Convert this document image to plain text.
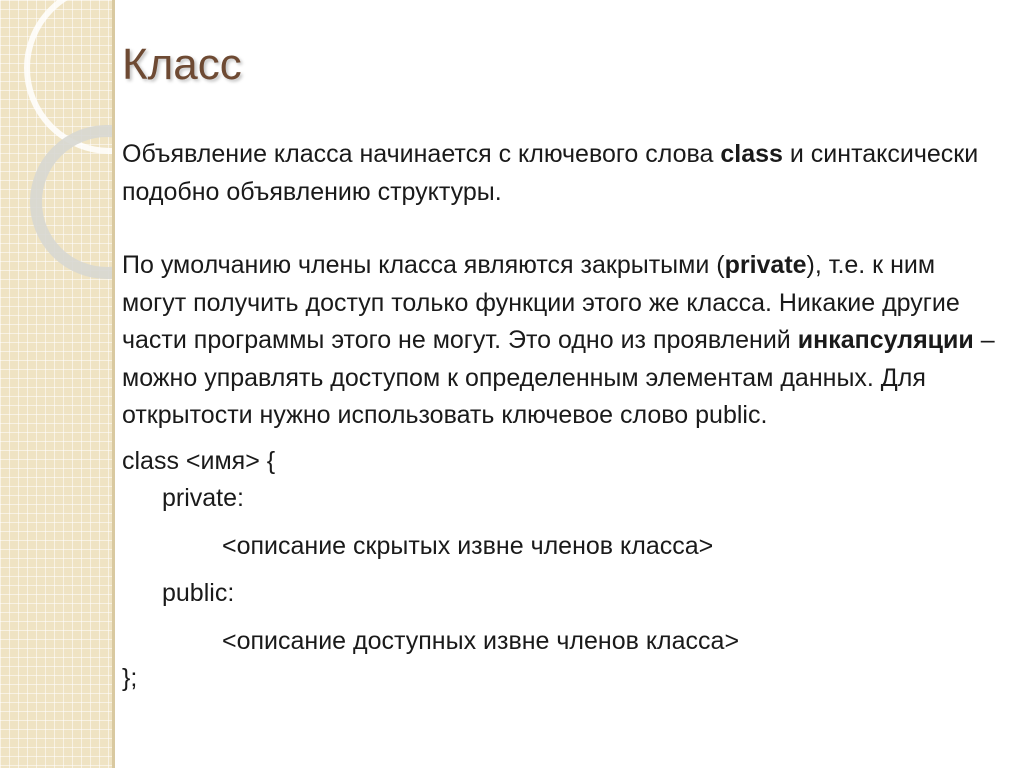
Класс

Объявление класса начинается с ключевого слова class и синтаксически подобно объявлению структуры.

По умолчанию члены класса являются закрытыми (private), т.е. к ним могут получить доступ только функции этого же класса. Никакие другие части программы этого не могут. Это одно из проявлений инкапсуляции – можно управлять доступом к определенным элементам данных. Для открытости нужно использовать ключевое слово public.

class <имя> {

private:

<описание скрытых извне членов класса>

public:

<описание доступных извне членов класса>

};
